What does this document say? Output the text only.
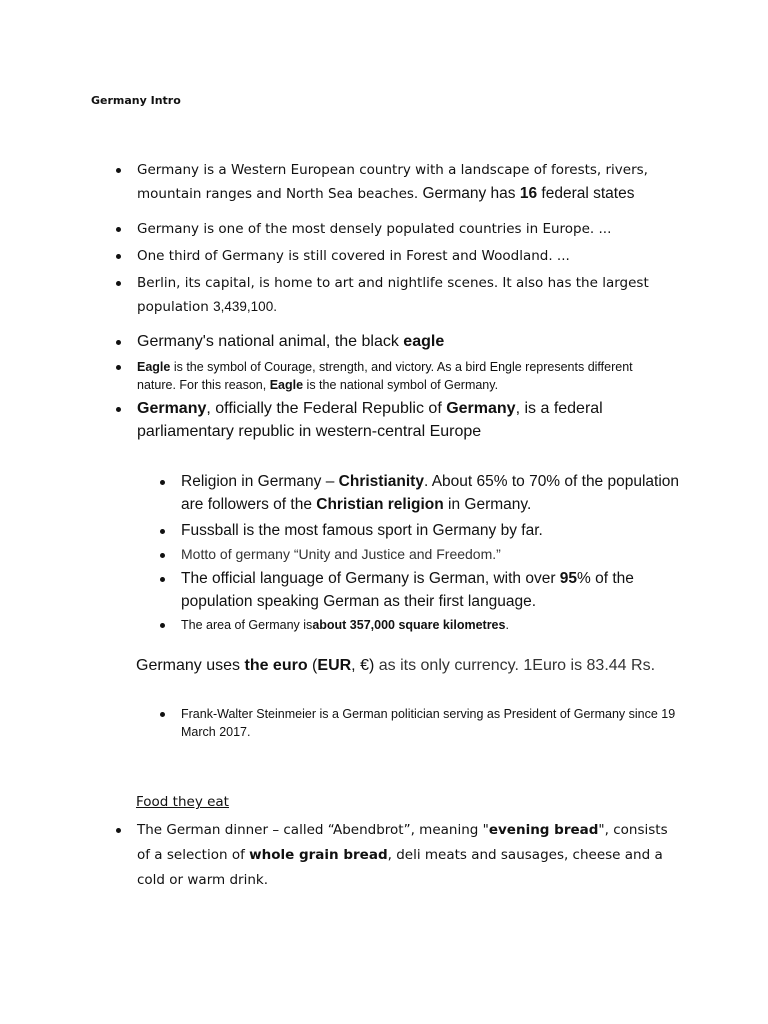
Germany Intro
Germany is a Western European country with a landscape of forests, rivers, mountain ranges and North Sea beaches. Germany has 16 federal states
Germany is one of the most densely populated countries in Europe. ...
One third of Germany is still covered in Forest and Woodland. ...
Berlin, its capital, is home to art and nightlife scenes. It also has the largest population 3,439,100.
Germany's national animal, the black eagle
Eagle is the symbol of Courage, strength, and victory. As a bird Engle represents different nature. For this reason, Eagle is the national symbol of Germany.
Germany, officially the Federal Republic of Germany, is a federal parliamentary republic in western-central Europe
Religion in Germany – Christianity. About 65% to 70% of the population are followers of the Christian religion in Germany.
Fussball is the most famous sport in Germany by far.
Motto of germany “Unity and Justice and Freedom.”
The official language of Germany is German, with over 95% of the population speaking German as their first language.
The area of Germany isabout 357,000 square kilometres.
Germany uses the euro (EUR, €) as its only currency. 1Euro is 83.44 Rs.
Frank-Walter Steinmeier is a German politician serving as President of Germany since 19 March 2017.
Food they eat
The German dinner – called “Abendbrot”, meaning "evening bread", consists of a selection of whole grain bread, deli meats and sausages, cheese and a cold or warm drink.
